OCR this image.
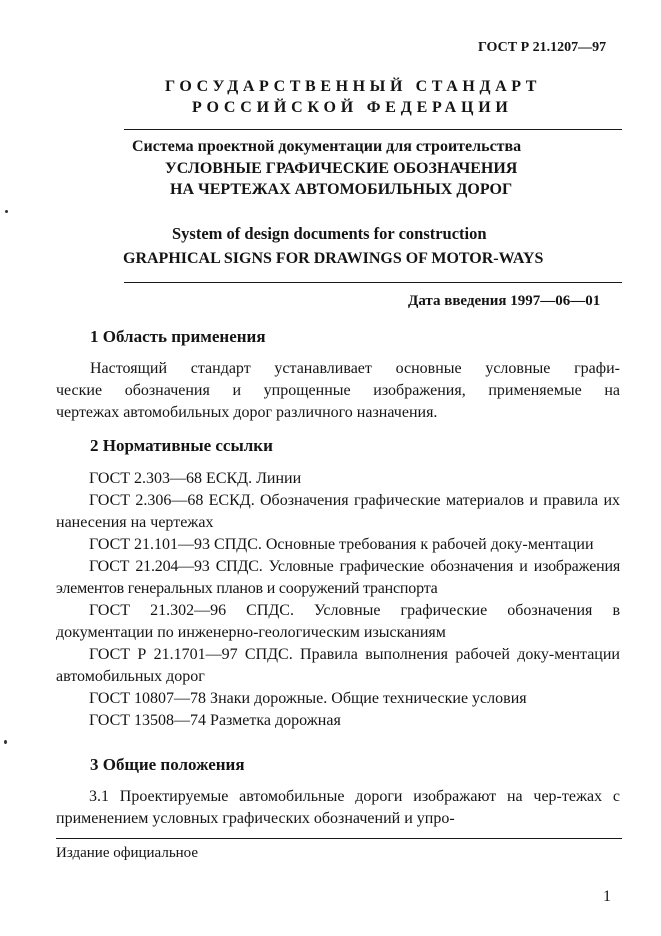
ГОСТ Р 21.1207—97
ГОСУДАРСТВЕННЫЙ СТАНДАРТ
РОССИЙСКОЙ ФЕДЕРАЦИИ
Система проектной документации для строительства
УСЛОВНЫЕ ГРАФИЧЕСКИЕ ОБОЗНАЧЕНИЯ
НА ЧЕРТЕЖАХ АВТОМОБИЛЬНЫХ ДОРОГ
System of design documents for construction
GRAPHICAL SIGNS FOR DRAWINGS OF MOTOR-WAYS
Дата введения 1997—06—01
1 Область применения
Настоящий стандарт устанавливает основные условные графи-
ческие обозначения и упрощенные изображения, применяемые на
чертежах автомобильных дорог различного назначения.
2 Нормативные ссылки

ГОСТ 2.303—68 ЕСКД. Линии

ГОСТ 2.306—68 ЕСКД. Обозначения графические материалов и правила их нанесения на чертежах

ГОСТ 21.101—93 СПДС. Основные требования к рабочей доку-ментации

ГОСТ 21.204—93 СПДС. Условные графические обозначения и изображения элементов генеральных планов и сооружений транспорта

ГОСТ 21.302—96 СПДС. Условные графические обозначения в документации по инженерно-геологическим изысканиям

ГОСТ Р 21.1701—97 СПДС. Правила выполнения рабочей доку-ментации автомобильных дорог

ГОСТ 10807—78 Знаки дорожные. Общие технические условия

ГОСТ 13508—74 Разметка дорожная

3 Общие положения
3.1 Проектируемые автомобильные дороги изображают на чер-тежах с применением условных графических обозначений и упро-
Издание официальное
1
